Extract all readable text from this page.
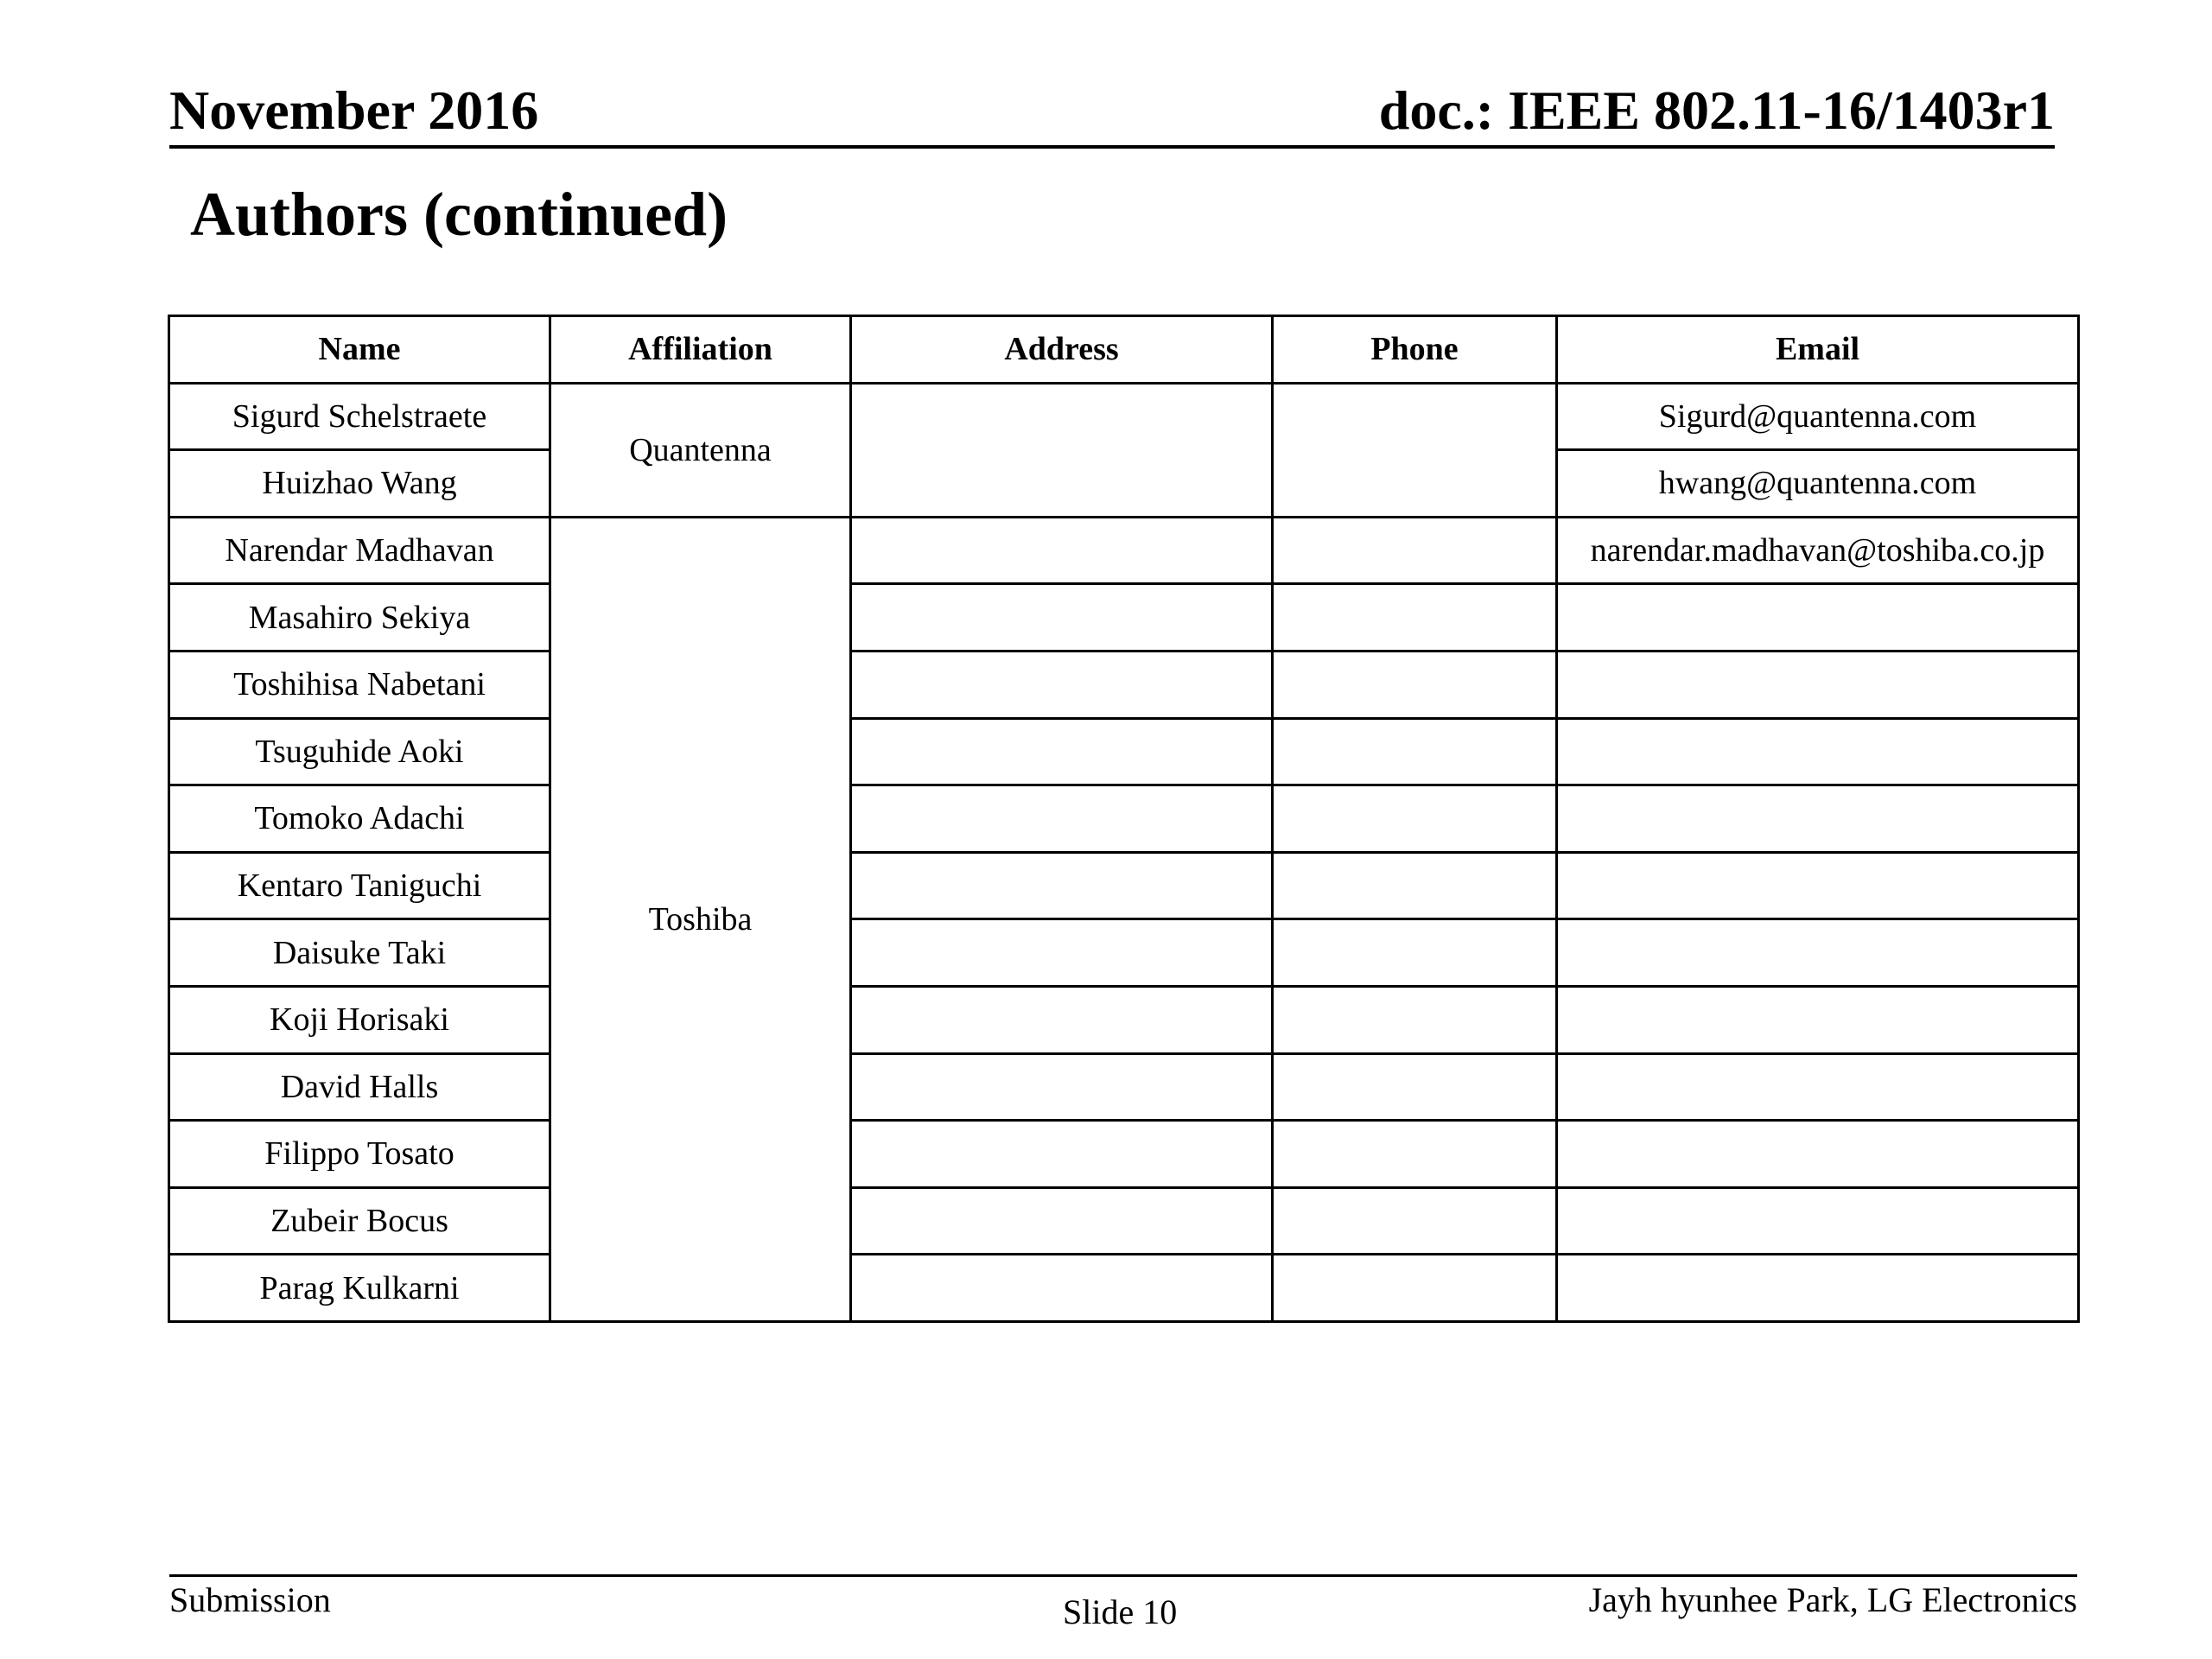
November 2016	doc.: IEEE 802.11-16/1403r1
Authors (continued)
Name	Affiliation	Address	Phone	Email
Sigurd Schelstraete	Quantenna			Sigurd@quantenna.com
Huizhao Wang				hwang@quantenna.com
Narendar Madhavan	Toshiba			narendar.madhavan@toshiba.co.jp
Masahiro Sekiya				
Toshihisa Nabetani				
Tsuguhide Aoki				
Tomoko Adachi				
Kentaro Taniguchi				
Daisuke Taki				
Koji Horisaki				
David Halls				
Filippo Tosato				
Zubeir Bocus				
Parag Kulkarni				
Submission	Slide 10	Jayh hyunhee Park, LG Electronics
